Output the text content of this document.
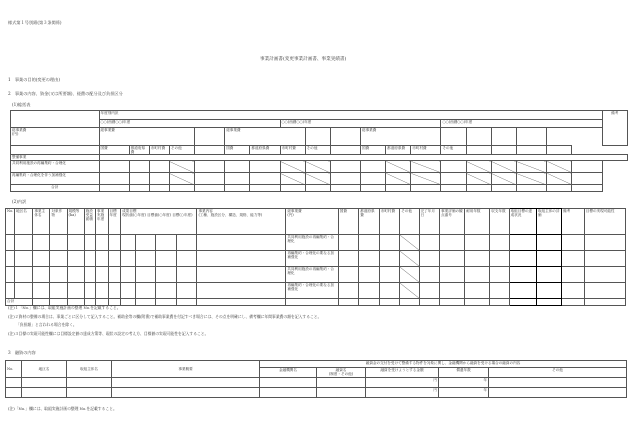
様式第１号別紙(第３条関係)
事業計画書(変更事業計画書、事業実績書)
1　事業の目的(変更の理由)
2　事業の内容、資金(又は所要額)、経費の配分及び負担区分
(1)総括表
	年度別内訳																			備考
	○○(西暦○○)年度							○○(西暦○○)年度						○○(西暦○○)年度						
総事業費
(円)	総事業費					総事業費					総事業費									
	国費	都道府県費	市町村費	その他		国費	都道府県費	市町村費	その他		国費	都道府県費	市町村費	その他						
整備事業																				
共同利用施設の再編集約・合理化																				
再編集約・合理化を伴う加補強化																				
合計																				
(2)内訳
No.	地区名	事業主体名	対象作物	規模等(ha)	施設受益面積	事業実施年度	目標年度	成果目標
現状値(○年度) 目標値(○年度) 目標(○年度)				事業内容
(工種、施設区分、構造、規格、能力等)	総事業費
(円)	国費	都道府県費	市町村費	その他	完了年月日	事業評価の観点番号	耐用年数	収支年数	取組目標の達成状況	取組主体の評価	備考	目標の実現可能性
													共同利用施設の再編集約・合理化												
													再編集約・合理化の要なる加補強化												
													共同利用施設の再編集約・合理化												
													再編集約・合理化の要なる加補強化												
合計																									
(注)１「No.」欄には、取組実施計画の整理 No.を記載すること。
(注)２資材の整備の場合は、事業ごとに区分して記入すること。補助金等の欄(附番)で補助事業費を付記すべき場合には、その点を明確にし、備考欄に年間事業費の額を記入すること。
「負担額」と言われる場合を除く。
(注)３目標の実現可能性欄には目標設定値の達成方策等、現状の設定の考え方、目標値の実現可能性を記入すること。
3　融資の内容
No.	地区名	取組主体名	事業概要	融資金の交付を受けて整備する物件を対象に関し、金融機関から融資を受ける場合の融資の内容				
				金融機関名	融資名
(制度・その他)	融資を受けようとする金額	償還年数	その他
						円	年	
						円	年	
(注)「No.」欄には、取組実施計画の整理 No.を記載すること。
